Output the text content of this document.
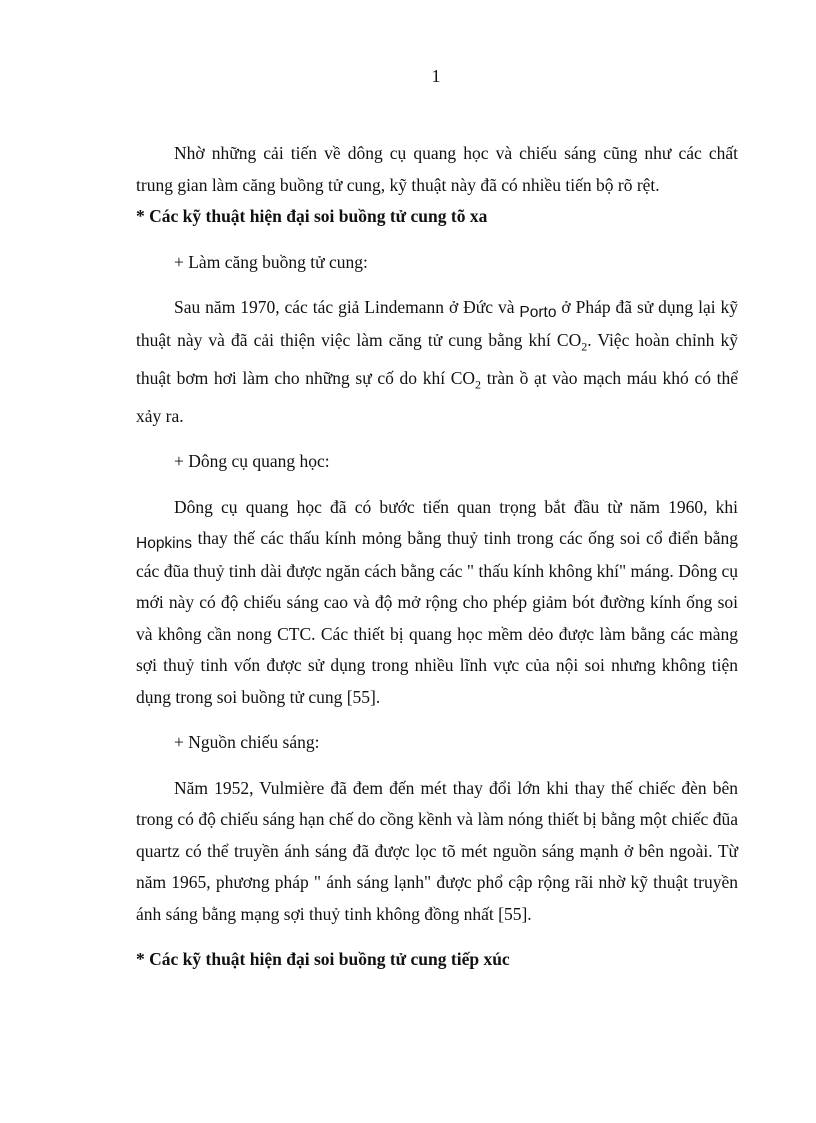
1

Nhờ những cải tiến về dông cụ quang học và chiếu sáng cũng như các chất trung gian làm căng buồng tử cung, kỹ thuật này đã có nhiều tiến bộ rõ rệt.

* Các kỹ thuật hiện đại soi buồng tử cung tõ xa

+ Làm căng buồng tử cung:

Sau năm 1970, các tác giả Lindemann ở Đức và Porto ở Pháp đã sử dụng lại kỹ thuật này và đã cải thiện việc làm căng tử cung bằng khí $CO_2$. Việc hoàn chỉnh kỹ thuật bơm hơi làm cho những sự cố do khí $CO_2$ tràn ồ ạt vào mạch máu khó có thể xảy ra.

+ Dông cụ quang học:

Dông cụ quang học đã có bước tiến quan trọng bắt đầu từ năm 1960, khi Hopkins thay thế các thấu kính mỏng bằng thuỷ tinh trong các ống soi cổ điển bằng các đũa thuỷ tinh dài được ngăn cách bằng các " thấu kính không khí" máng. Dông cụ mới này có độ chiếu sáng cao và độ mở rộng cho phép giảm bót đường kính ống soi và không cần nong CTC. Các thiết bị quang học mềm dẻo được làm bằng các màng sợi thuỷ tinh vốn được sử dụng trong nhiều lĩnh vực của nội soi nhưng không tiện dụng trong soi buồng tử cung [55].

+ Nguồn chiếu sáng:

Năm 1952, Vulmière đã đem đến mét thay đổi lớn khi thay thế chiếc đèn bên trong có độ chiếu sáng hạn chế do cồng kềnh và làm nóng thiết bị bằng một chiếc đũa quartz có thể truyền ánh sáng đã được lọc tõ mét nguồn sáng mạnh ở bên ngoài. Từ năm 1965, phương pháp " ánh sáng lạnh" được phổ cập rộng rãi nhờ kỹ thuật truyền ánh sáng bằng mạng sợi thuỷ tinh không đồng nhất [55].

* Các kỹ thuật hiện đại soi buồng tử cung tiếp xúc
